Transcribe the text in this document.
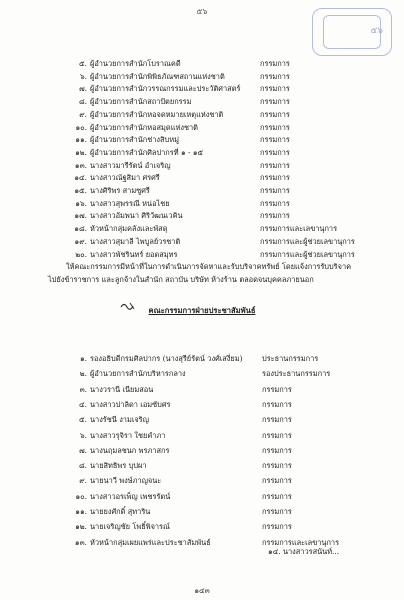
๕๖
๕๖
๕. ผู้อำนวยการสำนักโบราณคดี	กรรมการ
๖. ผู้อำนวยการสำนักพิพิธภัณฑสถานแห่งชาติ	กรรมการ
๗. ผู้อำนวยการสำนักวรรณกรรมและประวัติศาสตร์	กรรมการ
๘. ผู้อำนวยการสำนักสถาปัตยกรรม	กรรมการ
๙. ผู้อำนวยการสำนักหอจดหมายเหตุแห่งชาติ	กรรมการ
๑๐. ผู้อำนวยการสำนักหอสมุดแห่งชาติ	กรรมการ
๑๑. ผู้อำนวยการสำนักช่างสิบหมู่	กรรมการ
๑๒. ผู้อำนวยการสำนักศิลปากรที่ ๑ - ๑๕	กรรมการ
๑๓. นางสาวมารีรัตน์ อำเจริญ	กรรมการ
๑๔. นางสาวณัฐสิมา ศรศรี	กรรมการ
๑๕. นางศิริพร สามซูศรี	กรรมการ
๑๖. นางสาวสุพรรณี หน่อไชย	กรรมการ
๑๗. นางสาวอัมพนา ศิริวัฒนเวคิน	กรรมการ
๑๘. หัวหน้ากลุ่มคลังและพัสดุ	กรรมการและเลขานุการ
๑๙. นางสาวสุมาลี ไพบูลย์วรชาติ	กรรมการและผู้ช่วยเลขานุการ
๒๐. นางสาวพัชรินทร์ ยอดสมุทร	กรรมการและผู้ช่วยเลขานุการ
ให้คณะกรรมการมีหน้าที่ในการดำเนินการจัดหาและรับบริจาคทรัพย์ โดยแจ้งการรับบริจาค
ไปยังข้าราชการ และลูกจ้างในสำนัก สถาบัน บริษัท ห้างร้าน ตลอดจนบุคคลภายนอก
คณะกรรมการฝ่ายประชาสัมพันธ์
๑. รองอธิบดีกรมศิลปากร (นางสุรีย์รัตน์ วงศ์เสงี่ยม)	ประธานกรรมการ
๒. ผู้อำนวยการสำนักบริหารกลาง	รองประธานกรรมการ
๓. นางวรานี เนียมสอน	กรรมการ
๔. นางสาวปาลิดา เอมซับศร	กรรมการ
๕. นางรัชนี งามเจริญ	กรรมการ
๖. นางสาวรุจิรา ใชยคำภา	กรรมการ
๗. นางนฤมลชนก พรภาสกร	กรรมการ
๘. นายสิทธิพร บุปผา	กรรมการ
๙. นายนาวี พงษ์ภาญจนะ	กรรมการ
๑๐. นางสาวอรเพ็ญ เพชรรัตน์	กรรมการ
๑๑. นายยงศักดิ์ สุทาริน	กรรมการ
๑๒. นายเจริญชัย โพธิ์พิจารณ์	กรรมการ
๑๓. หัวหน้ากลุ่มเผยแพร่และประชาสัมพันธ์	กรรมการและเลขานุการ
๑๔. นางสาวรสนันท์...
๑๔๓
